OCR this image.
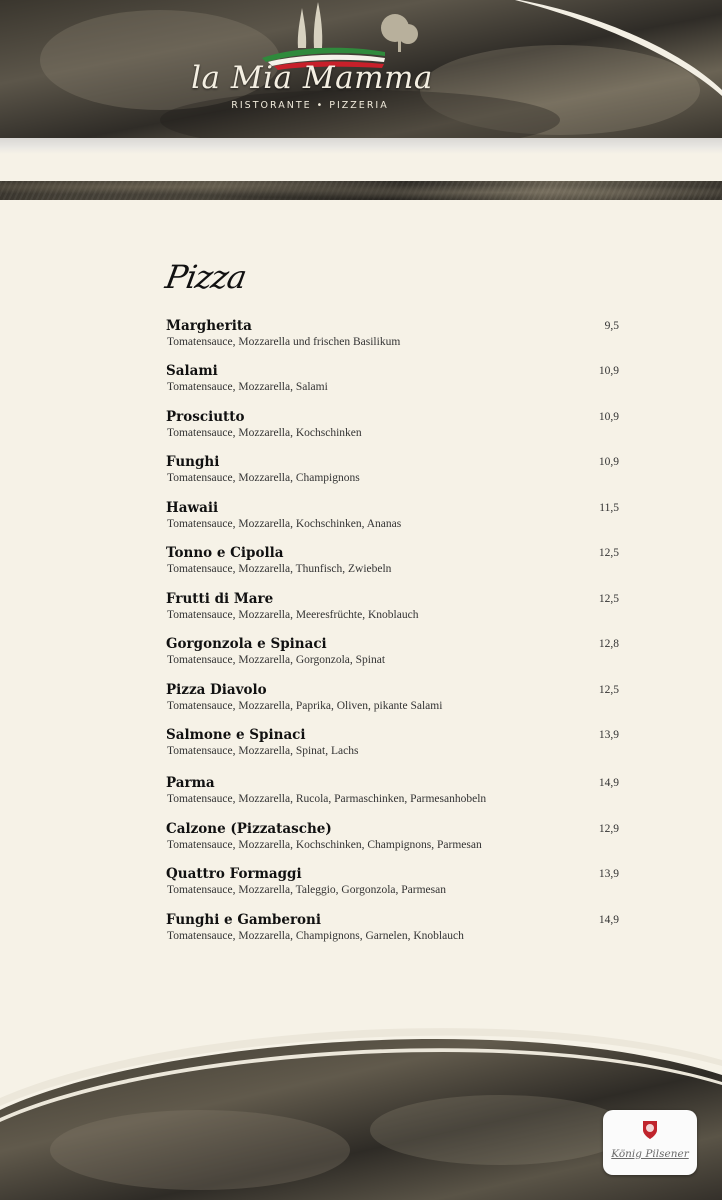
la Mia Mamma
RISTORANTE • PIZZERIA
Pizza
Margherita
Tomatensauce, Mozzarella und frischen Basilikum
9,5
Salami
Tomatensauce, Mozzarella, Salami
10,9
Prosciutto
Tomatensauce, Mozzarella, Kochschinken
10,9
Funghi
Tomatensauce, Mozzarella, Champignons
10,9
Hawaii
Tomatensauce, Mozzarella, Kochschinken, Ananas
11,5
Tonno e Cipolla
Tomatensauce, Mozzarella, Thunfisch, Zwiebeln
12,5
Frutti di Mare
Tomatensauce, Mozzarella, Meeresfrüchte, Knoblauch
12,5
Gorgonzola e Spinaci
Tomatensauce, Mozzarella, Gorgonzola, Spinat
12,8
Pizza Diavolo
Tomatensauce, Mozzarella, Paprika, Oliven, pikante Salami
12,5
Salmone e Spinaci
Tomatensauce, Mozzarella, Spinat, Lachs
13,9
Parma
Tomatensauce, Mozzarella, Rucola, Parmaschinken, Parmesanhobeln
14,9
Calzone (Pizzatasche)
Tomatensauce, Mozzarella, Kochschinken, Champignons, Parmesan
12,9
Quattro Formaggi
Tomatensauce, Mozzarella, Taleggio, Gorgonzola, Parmesan
13,9
Funghi e Gamberoni
Tomatensauce, Mozzarella, Champignons, Garnelen, Knoblauch
14,9
König Pilsener
